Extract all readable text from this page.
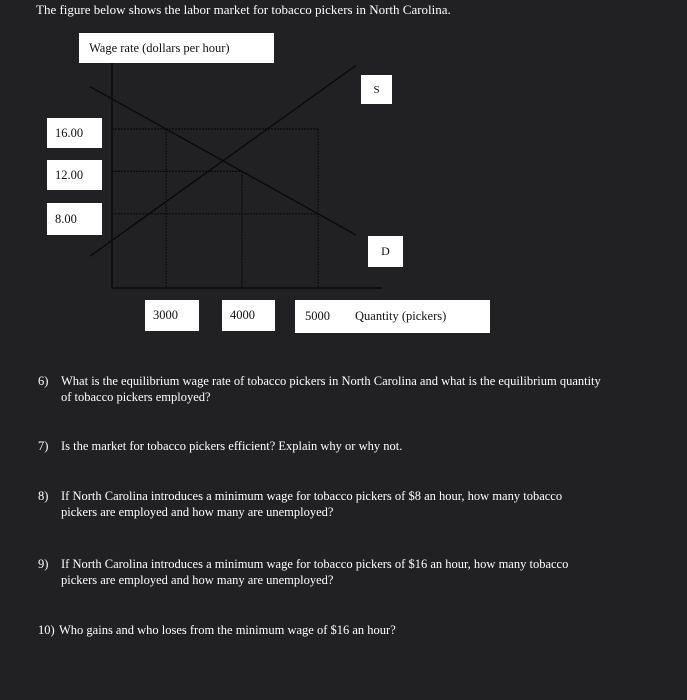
The figure below shows the labor market for tobacco pickers in North Carolina.
Wage rate (dollars per hour)
S
D
16.00
12.00
8.00
3000	4000	5000 Quantity (pickers)
6) What is the equilibrium wage rate of tobacco pickers in North Carolina and what is the equilibrium quantity of tobacco pickers employed?
7) Is the market for tobacco pickers efficient? Explain why or why not.
8) If North Carolina introduces a minimum wage for tobacco pickers of $8 an hour, how many tobacco pickers are employed and how many are unemployed?
9) If North Carolina introduces a minimum wage for tobacco pickers of $16 an hour, how many tobacco pickers are employed and how many are unemployed?
10) Who gains and who loses from the minimum wage of $16 an hour?
